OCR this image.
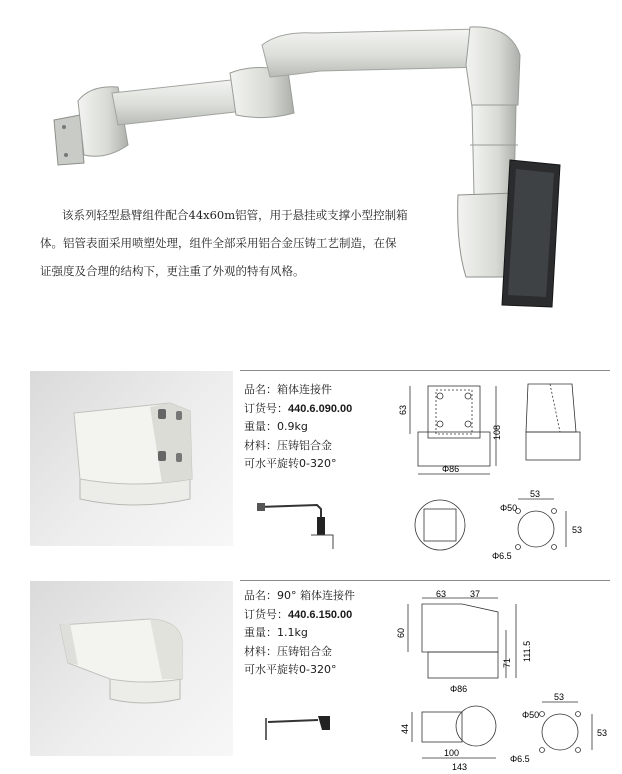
该系列轻型悬臂组件配合44x60m铝管，用于悬挂或支撑小型控制箱

体。铝管表面采用喷塑处理，组件全部采用铝合金压铸工艺制造，在保

证强度及合理的结构下，更注重了外观的特有风格。

品名：箱体连接件
订货号：440.6.090.00
重量：0.9kg
材料：压铸铝合金
可水平旋转0-320°
63
108
Φ86
Φ50
53
53
Φ6.5
品名：90° 箱体连接件
订货号：440.6.150.00
重量：1.1kg
材料：压铸铝合金
可水平旋转0-320°
63	37
60
71
111.5
Φ86
44
100
143
Φ50
53
53
Φ6.5
